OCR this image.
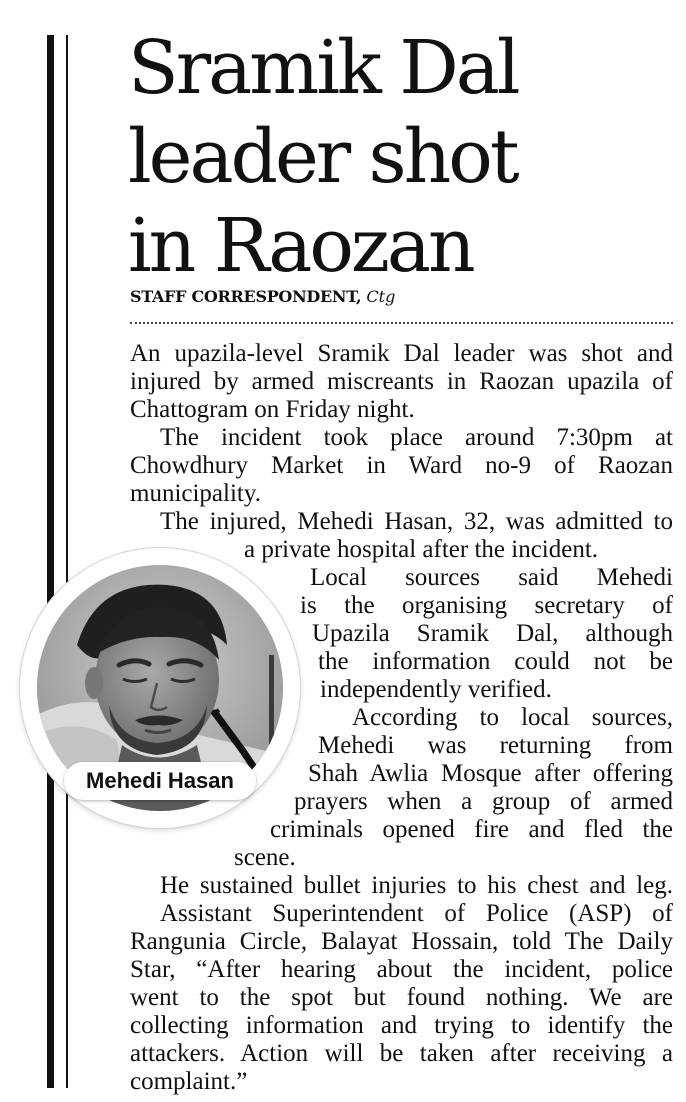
Sramik Dal
leader shot
in Raozan
STAFF CORRESPONDENT, Ctg
An upazila-level Sramik Dal leader was shot and
injured by armed miscreants in Raozan upazila of
Chattogram on Friday night.
The incident took place around 7:30pm at
Chowdhury Market in Ward no-9 of Raozan
municipality.
The injured, Mehedi Hasan, 32, was admitted to
a private hospital after the incident.
Local sources said Mehedi
is the organising secretary of
Upazila Sramik Dal, although
the information could not be
independently verified.
According to local sources,
Mehedi was returning from
Shah Awlia Mosque after offering
prayers when a group of armed
criminals opened fire and fled the
scene.
He sustained bullet injuries to his chest and leg.
Assistant Superintendent of Police (ASP) of
Rangunia Circle, Balayat Hossain, told The Daily
Star, “After hearing about the incident, police
went to the spot but found nothing. We are
collecting information and trying to identify the
attackers. Action will be taken after receiving a
complaint.”
Mehedi Hasan
